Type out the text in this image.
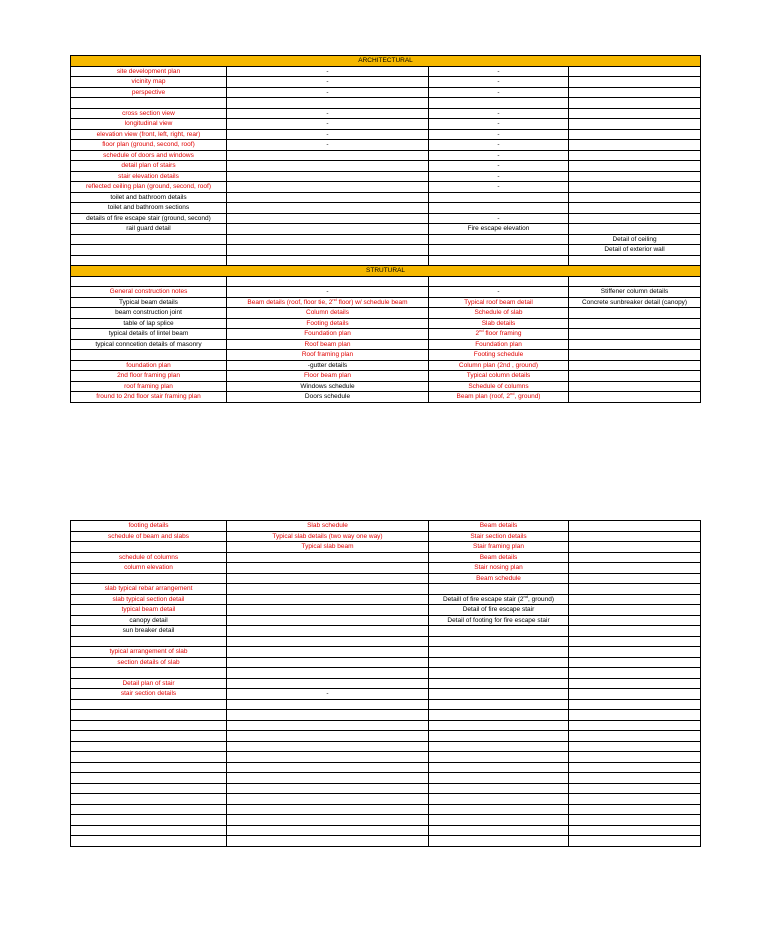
ARCHITECTURAL			
site development plan	-	-	
vicinity map	-	-	
perspective	-	-	

cross section view	-	-	
longitudinal view	-	-	
elevation view (front, left, right, rear)	-	-	
floor plan (ground, second, roof)	-	-	
schedule of doors and windows		-	
detail plan of stairs		-	
stair elevation details		-	
reflected ceiling plan (ground, second, roof)		-	
toilet and bathroom details			
toilet and bathroom sections			
details of fire escape stair (ground, second)		-	
rail guard detail		Fire escape elevation	
			Detail of ceiling
			Detail of exterior wall

STRUTURAL			

General construction notes	-	-	Stiffener column details
Typical beam details	Beam details (roof, floor tie, 2nd floor) w/ schedule beam	Typical roof beam detail	Concrete sunbreaker detail (canopy)
beam construction joint	Column details	Schedule of slab	
table of lap splice	Footing details	Slab details	
typical details of lintel beam	Foundation plan	2nd floor framing	
typical conncetion details of masonry	Roof beam plan	Foundation plan	
	Roof framing plan	Footing schedule	
foundation plan	-gutter details	Column plan (2nd , ground)	
2nd floor framing plan	Floor beam plan	Typical column details	
roof framing plan	Windows schedule	Schedule of columns	
fround to 2nd floor stair framing plan	Doors schedule	Beam plan (roof, 2nd, ground)	
footing details	Slab schedule	Beam details	
schedule of beam and slabs	Typical slab details (two way one way)	Stair section details	
	Typical slab beam	Stair framing plan	
schedule of columns		Beam details	
column elevation		Stair nosing plan	
		Beam schedule	
slab typical rebar arrangement			
slab typical section detail		Detaill of fire escape stair (2nd, ground)	
typical beam detail		Detail of fire escape stair	
canopy detail		Detail of footing for fire escape stair	
sun breaker detail			

typical arrangement of slab			
section details of slab			

Detail plan of stair			
stair section details	-		
